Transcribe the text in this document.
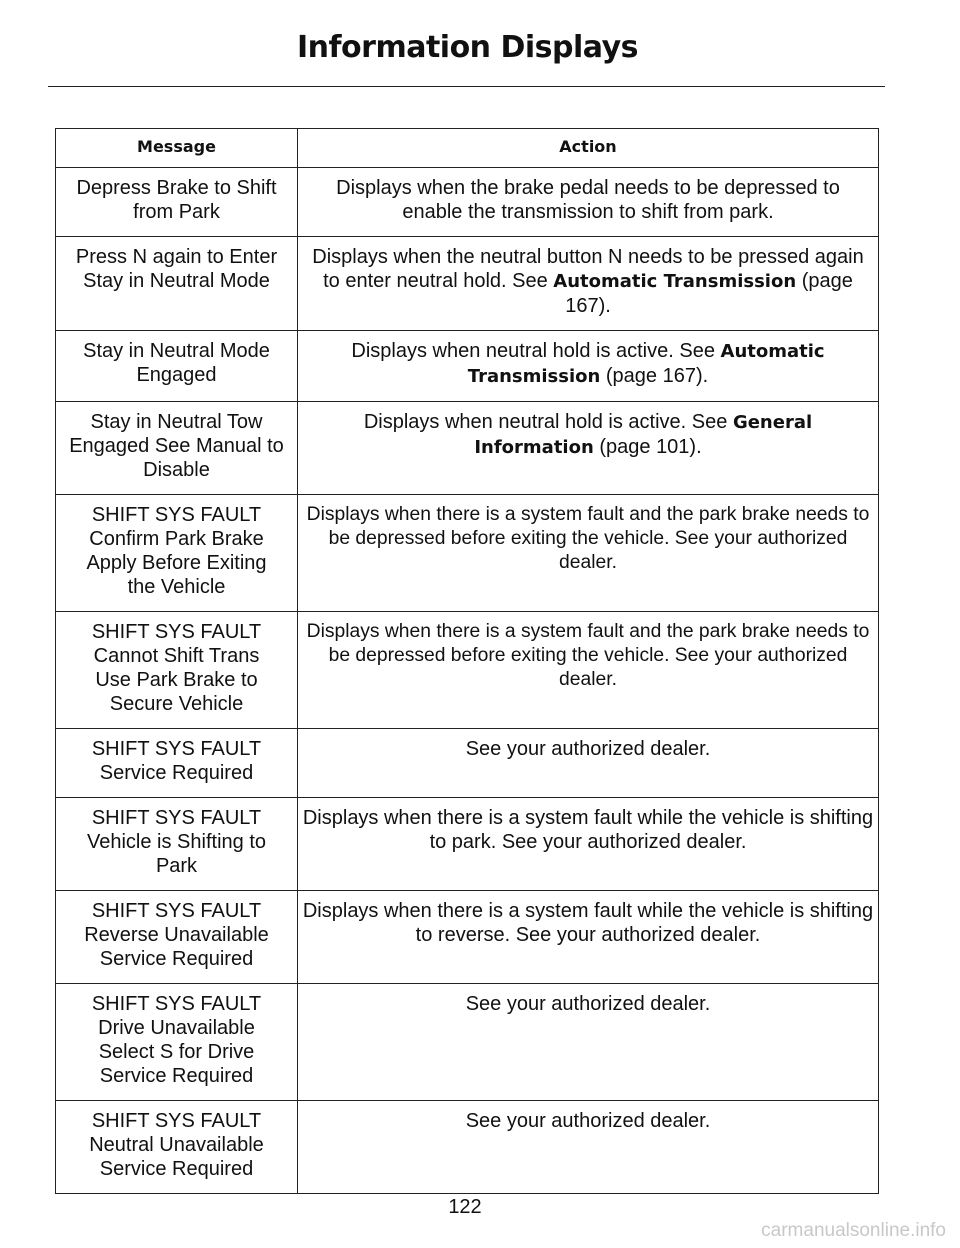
Information Displays
Message	Action
Depress Brake to Shift from Park	Displays when the brake pedal needs to be depressed to enable the transmission to shift from park.
Press N again to Enter Stay in Neutral Mode	Displays when the neutral button N needs to be pressed again to enter neutral hold. See Automatic Transmission (page 167).
Stay in Neutral Mode Engaged	Displays when neutral hold is active. See Automatic Transmission (page 167).
Stay in Neutral Tow Engaged See Manual to Disable	Displays when neutral hold is active. See General Information (page 101).
SHIFT SYS FAULT Confirm Park Brake Apply Before Exiting the Vehicle	Displays when there is a system fault and the park brake needs to be depressed before exiting the vehicle. See your authorized dealer.
SHIFT SYS FAULT Cannot Shift Trans Use Park Brake to Secure Vehicle	Displays when there is a system fault and the park brake needs to be depressed before exiting the vehicle. See your authorized dealer.
SHIFT SYS FAULT Service Required	See your authorized dealer.
SHIFT SYS FAULT Vehicle is Shifting to Park	Displays when there is a system fault while the vehicle is shifting to park. See your authorized dealer.
SHIFT SYS FAULT Reverse Unavailable Service Required	Displays when there is a system fault while the vehicle is shifting to reverse. See your authorized dealer.
SHIFT SYS FAULT Drive Unavailable Select S for Drive Service Required	See your authorized dealer.
SHIFT SYS FAULT Neutral Unavailable Service Required	See your authorized dealer.
122
carmanualsonline.info
